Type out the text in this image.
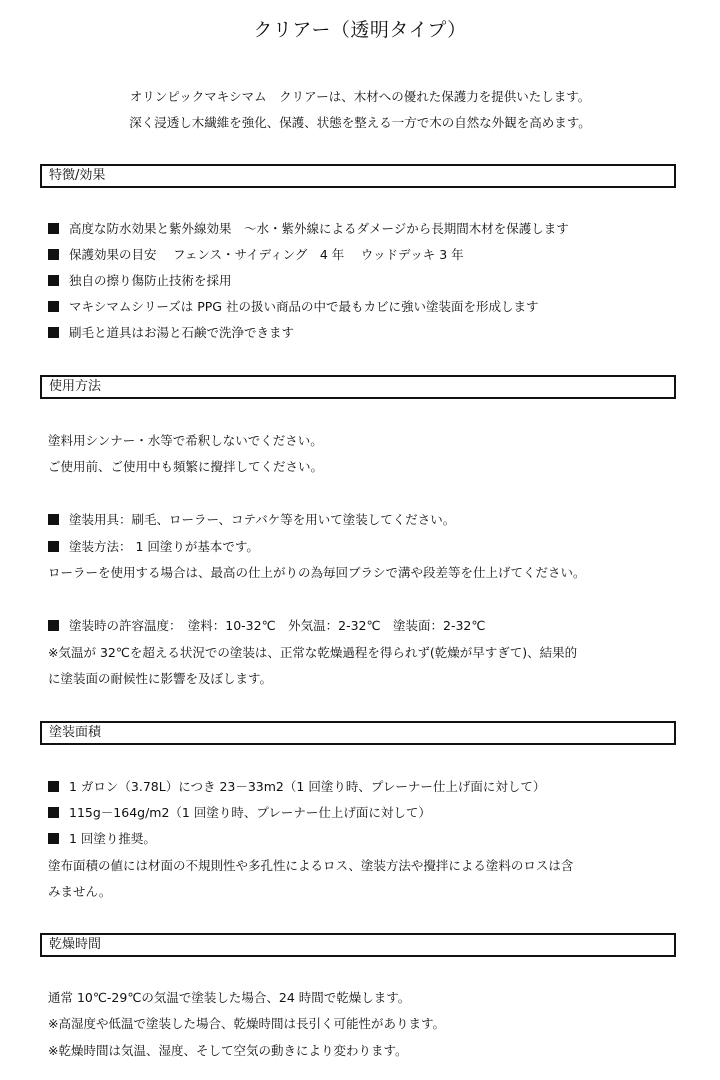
クリアー（透明タイプ）
オリンピックマキシマム　クリアーは、木材への優れた保護力を提供いたします。
深く浸透し木繊維を強化、保護、状態を整える一方で木の自然な外観を高めます。
特徴/効果
高度な防水効果と紫外線効果　～水・紫外線によるダメージから長期間木材を保護します
保護効果の目安　 フェンス・サイディング　4 年　 ウッドデッキ 3 年
独自の擦り傷防止技術を採用
マキシマムシリーズは PPG 社の扱い商品の中で最もカビに強い塗装面を形成します
刷毛と道具はお湯と石鹸で洗浄できます
使用方法
塗料用シンナー・水等で希釈しないでください。
ご使用前、ご使用中も頻繁に攪拌してください。
塗装用具：刷毛、ローラー、コテバケ等を用いて塗装してください。
塗装方法： 1 回塗りが基本です。
ローラーを使用する場合は、最高の仕上がりの為毎回ブラシで溝や段差等を仕上げてください。
塗装時の許容温度：　塗料：10-32℃　外気温：2-32℃　塗装面：2-32℃
※気温が 32℃を超える状況での塗装は、正常な乾燥過程を得られず(乾燥が早すぎて)、結果的
に塗装面の耐候性に影響を及ぼします。
塗装面積
1 ガロン（3.78L）につき 23－33m2（1 回塗り時、プレーナー仕上げ面に対して）
115g－164g/m2（1 回塗り時、プレーナー仕上げ面に対して）
1 回塗り推奨。
塗布面積の値には材面の不規則性や多孔性によるロス、塗装方法や攪拌による塗料のロスは含
みません。
乾燥時間
通常 10℃-29℃の気温で塗装した場合、24 時間で乾燥します。
※高湿度や低温で塗装した場合、乾燥時間は長引く可能性があります。
※乾燥時間は気温、湿度、そして空気の動きにより変わります。
